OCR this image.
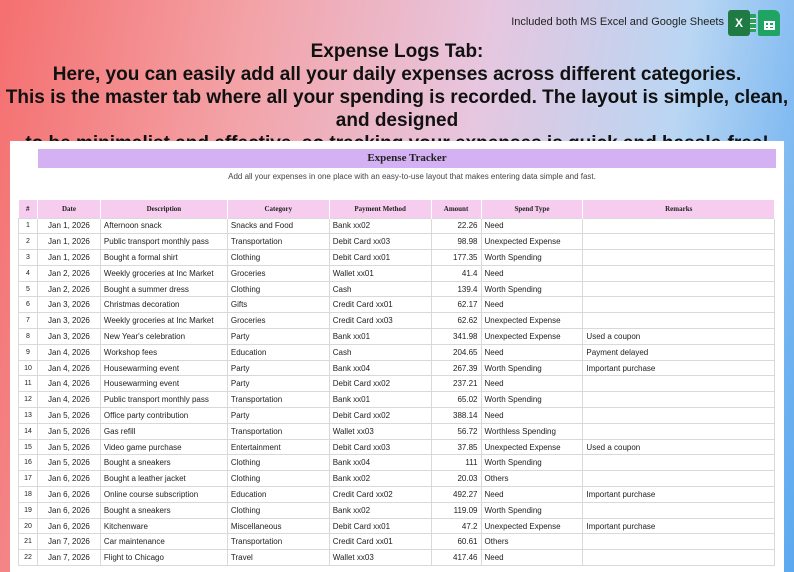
Included both MS Excel and Google Sheets X
Expense Logs Tab:
Here, you can easily add all your daily expenses across different categories.
This is the master tab where all your spending is recorded. The layout is simple, clean, and designed
Expense Tracker
Add all your expenses in one place with an easy-to-use layout that makes entering data simple and fast.
#	Date	Description	Category	Payment Method	Amount	Spend Type	Remarks
1	Jan 1, 2026	Afternoon snack	Snacks and Food	Bank xx02	22.26	Need	
2	Jan 1, 2026	Public transport monthly pass	Transportation	Debit Card xx03	98.98	Unexpected Expense	
3	Jan 1, 2026	Bought a formal shirt	Clothing	Debit Card xx01	177.35	Worth Spending	
4	Jan 2, 2026	Weekly groceries at Inc Market	Groceries	Wallet xx01	41.4	Need	
5	Jan 2, 2026	Bought a summer dress	Clothing	Cash	139.4	Worth Spending	
6	Jan 3, 2026	Christmas decoration	Gifts	Credit Card xx01	62.17	Need	
7	Jan 3, 2026	Weekly groceries at Inc Market	Groceries	Credit Card xx03	62.62	Unexpected Expense	
8	Jan 3, 2026	New Year's celebration	Party	Bank xx01	341.98	Unexpected Expense	Used a coupon
9	Jan 4, 2026	Workshop fees	Education	Cash	204.65	Need	Payment delayed
10	Jan 4, 2026	Housewarming event	Party	Bank xx04	267.39	Worth Spending	Important purchase
11	Jan 4, 2026	Housewarming event	Party	Debit Card xx02	237.21	Need	
12	Jan 4, 2026	Public transport monthly pass	Transportation	Bank xx01	65.02	Worth Spending	
13	Jan 5, 2026	Office party contribution	Party	Debit Card xx02	388.14	Need	
14	Jan 5, 2026	Gas refill	Transportation	Wallet xx03	56.72	Worthless Spending	
15	Jan 5, 2026	Video game purchase	Entertainment	Debit Card xx03	37.85	Unexpected Expense	Used a coupon
16	Jan 5, 2026	Bought a sneakers	Clothing	Bank xx04	111	Worth Spending	
17	Jan 6, 2026	Bought a leather jacket	Clothing	Bank xx02	20.03	Others	
18	Jan 6, 2026	Online course subscription	Education	Credit Card xx02	492.27	Need	Important purchase
19	Jan 6, 2026	Bought a sneakers	Clothing	Bank xx02	119.09	Worth Spending	
20	Jan 6, 2026	Kitchenware	Miscellaneous	Debit Card xx01	47.2	Unexpected Expense	Important purchase
21	Jan 7, 2026	Car maintenance	Transportation	Credit Card xx01	60.61	Others	
22	Jan 7, 2026	Flight to Chicago	Travel	Wallet xx03	417.46	Need	
